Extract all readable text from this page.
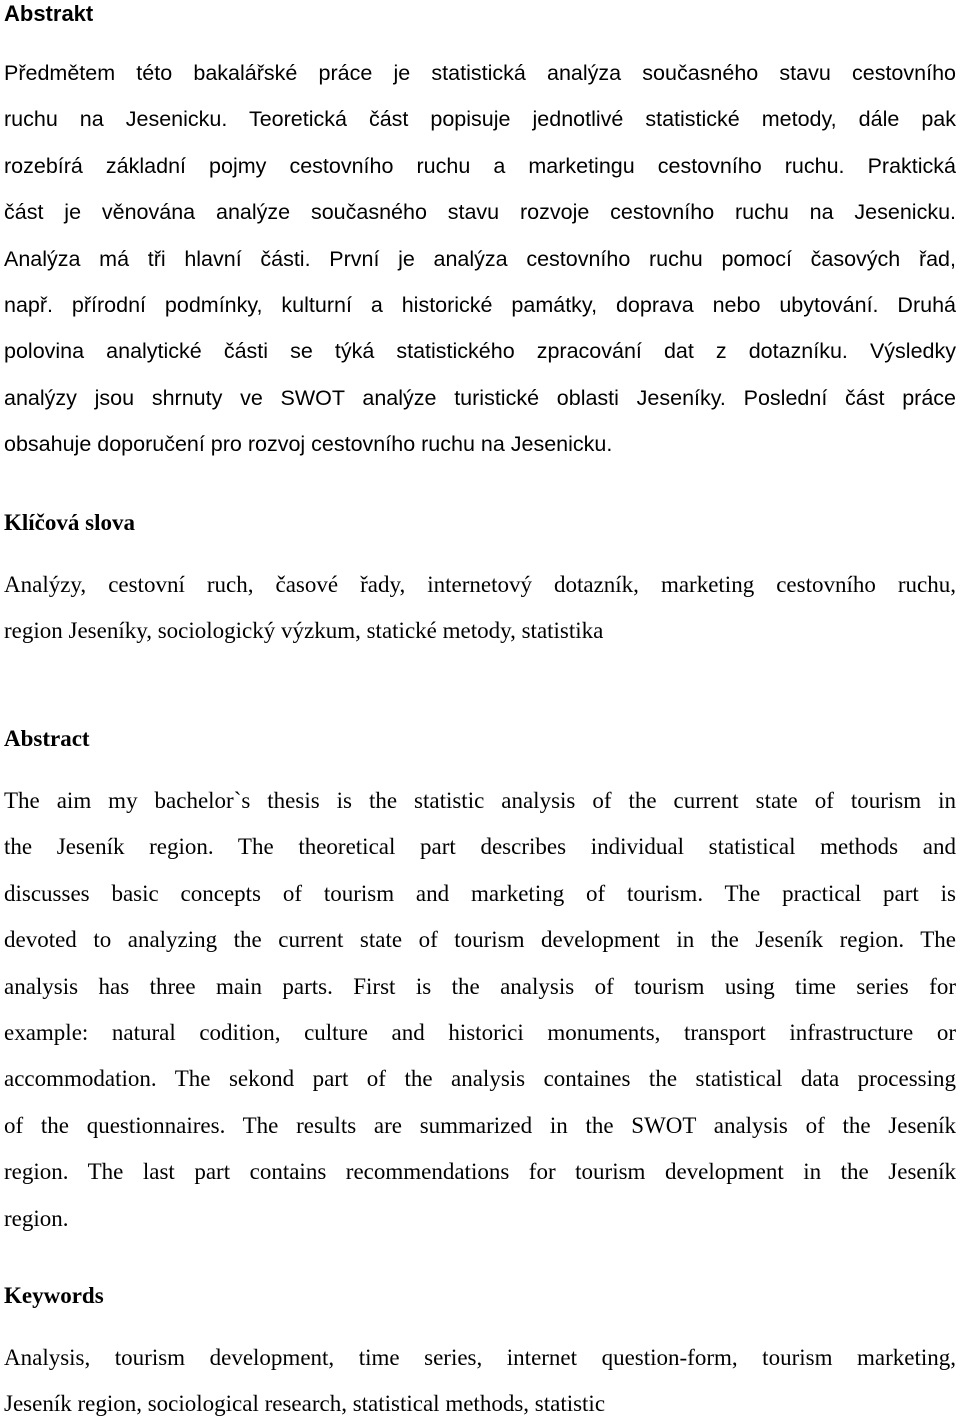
Abstrakt
Předmětem této bakalářské práce je statistická analýza současného stavu cestovního
ruchu na Jesenicku. Teoretická část popisuje jednotlivé statistické metody, dále pak
rozebírá základní pojmy cestovního ruchu a marketingu cestovního ruchu. Praktická
část je věnována analýze současného stavu rozvoje cestovního ruchu na Jesenicku.
Analýza má tři hlavní části. První je analýza cestovního ruchu pomocí časových řad,
např. přírodní podmínky, kulturní a historické památky, doprava nebo ubytování. Druhá
polovina analytické části se týká statistického zpracování dat z dotazníku. Výsledky
analýzy jsou shrnuty ve SWOT analýze turistické oblasti Jeseníky. Poslední část práce
obsahuje doporučení pro rozvoj cestovního ruchu na Jesenicku.
Klíčová slova
Analýzy, cestovní ruch, časové řady, internetový dotazník, marketing cestovního ruchu,
region Jeseníky, sociologický výzkum, statické metody, statistika
Abstract
The aim my bachelor`s thesis is the statistic analysis of the current state of tourism in
the Jeseník region. The theoretical part describes individual statistical methods and
discusses basic concepts of tourism and marketing of tourism. The practical part is
devoted to analyzing the current state of tourism development in the Jeseník region. The
analysis has three main parts. First is the analysis of tourism using time series for
example: natural codition, culture and historici monuments, transport infrastructure or
accommodation. The sekond part of the analysis containes the statistical data processing
of the questionnaires. The results are summarized in the SWOT analysis of the Jeseník
region. The last part contains recommendations for tourism development in the Jeseník
region.
Keywords
Analysis, tourism development, time series, internet question-form, tourism marketing,
Jeseník region, sociological research, statistical methods, statistic
